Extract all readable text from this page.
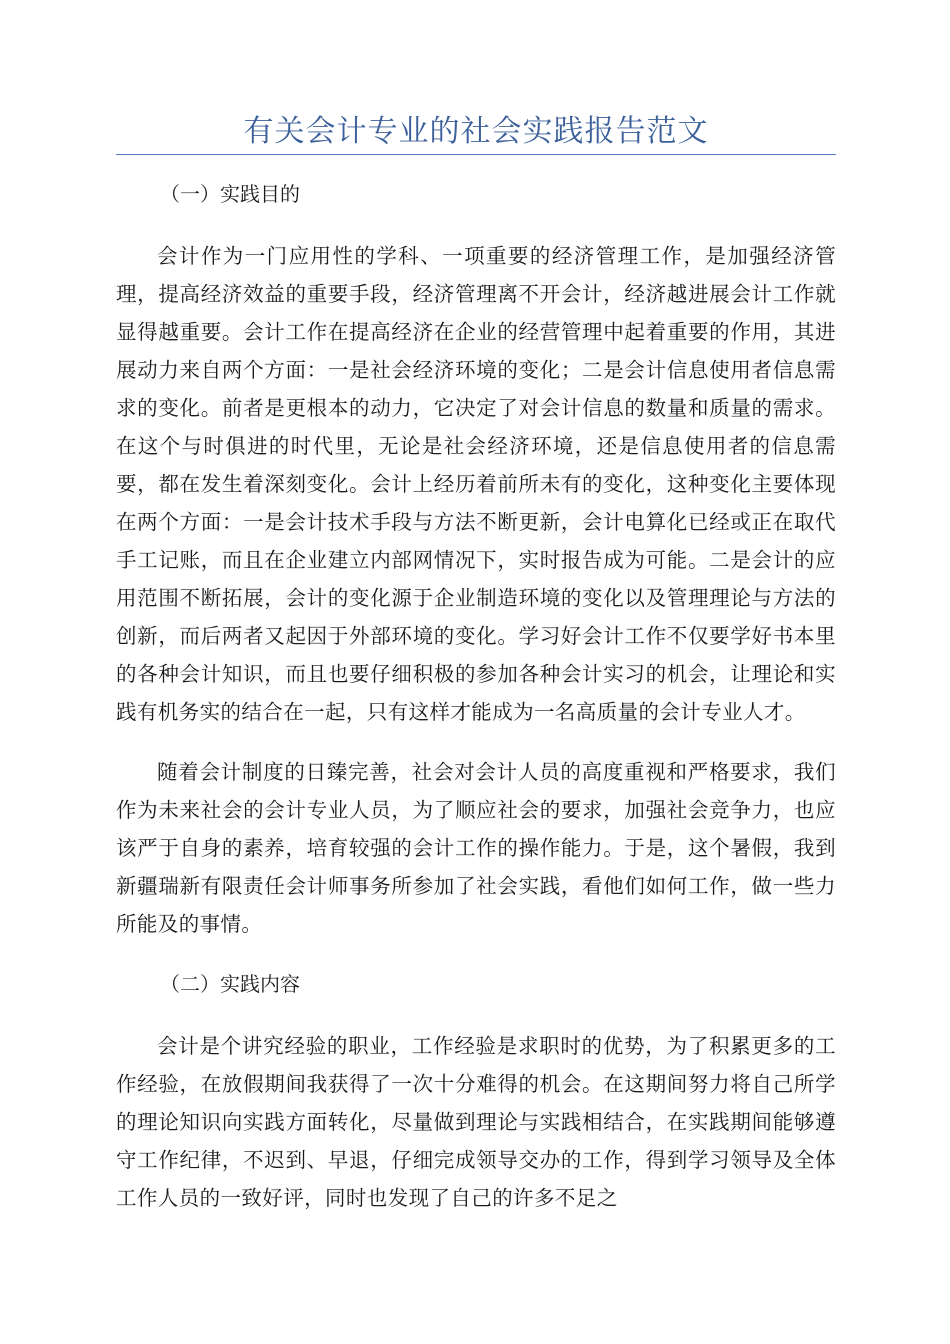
有关会计专业的社会实践报告范文
（一）实践目的

会计作为一门应用性的学科、一项重要的经济管理工作，是加强经济管理，提高经济效益的重要手段，经济管理离不开会计，经济越进展会计工作就显得越重要。会计工作在提高经济在企业的经营管理中起着重要的作用，其进展动力来自两个方面：一是社会经济环境的变化；二是会计信息使用者信息需求的变化。前者是更根本的动力，它决定了对会计信息的数量和质量的需求。在这个与时俱进的时代里，无论是社会经济环境，还是信息使用者的信息需要，都在发生着深刻变化。会计上经历着前所未有的变化，这种变化主要体现在两个方面：一是会计技术手段与方法不断更新，会计电算化已经或正在取代手工记账，而且在企业建立内部网情况下，实时报告成为可能。二是会计的应用范围不断拓展，会计的变化源于企业制造环境的变化以及管理理论与方法的创新，而后两者又起因于外部环境的变化。学习好会计工作不仅要学好书本里的各种会计知识，而且也要仔细积极的参加各种会计实习的机会，让理论和实践有机务实的结合在一起，只有这样才能成为一名高质量的会计专业人才。

随着会计制度的日臻完善，社会对会计人员的高度重视和严格要求，我们作为未来社会的会计专业人员，为了顺应社会的要求，加强社会竞争力，也应该严于自身的素养，培育较强的会计工作的操作能力。于是，这个暑假，我到新疆瑞新有限责任会计师事务所参加了社会实践，看他们如何工作，做一些力所能及的事情。

（二）实践内容

会计是个讲究经验的职业，工作经验是求职时的优势，为了积累更多的工作经验，在放假期间我获得了一次十分难得的机会。在这期间努力将自己所学的理论知识向实践方面转化，尽量做到理论与实践相结合，在实践期间能够遵守工作纪律，不迟到、早退，仔细完成领导交办的工作，得到学习领导及全体工作人员的一致好评，同时也发现了自己的许多不足之
